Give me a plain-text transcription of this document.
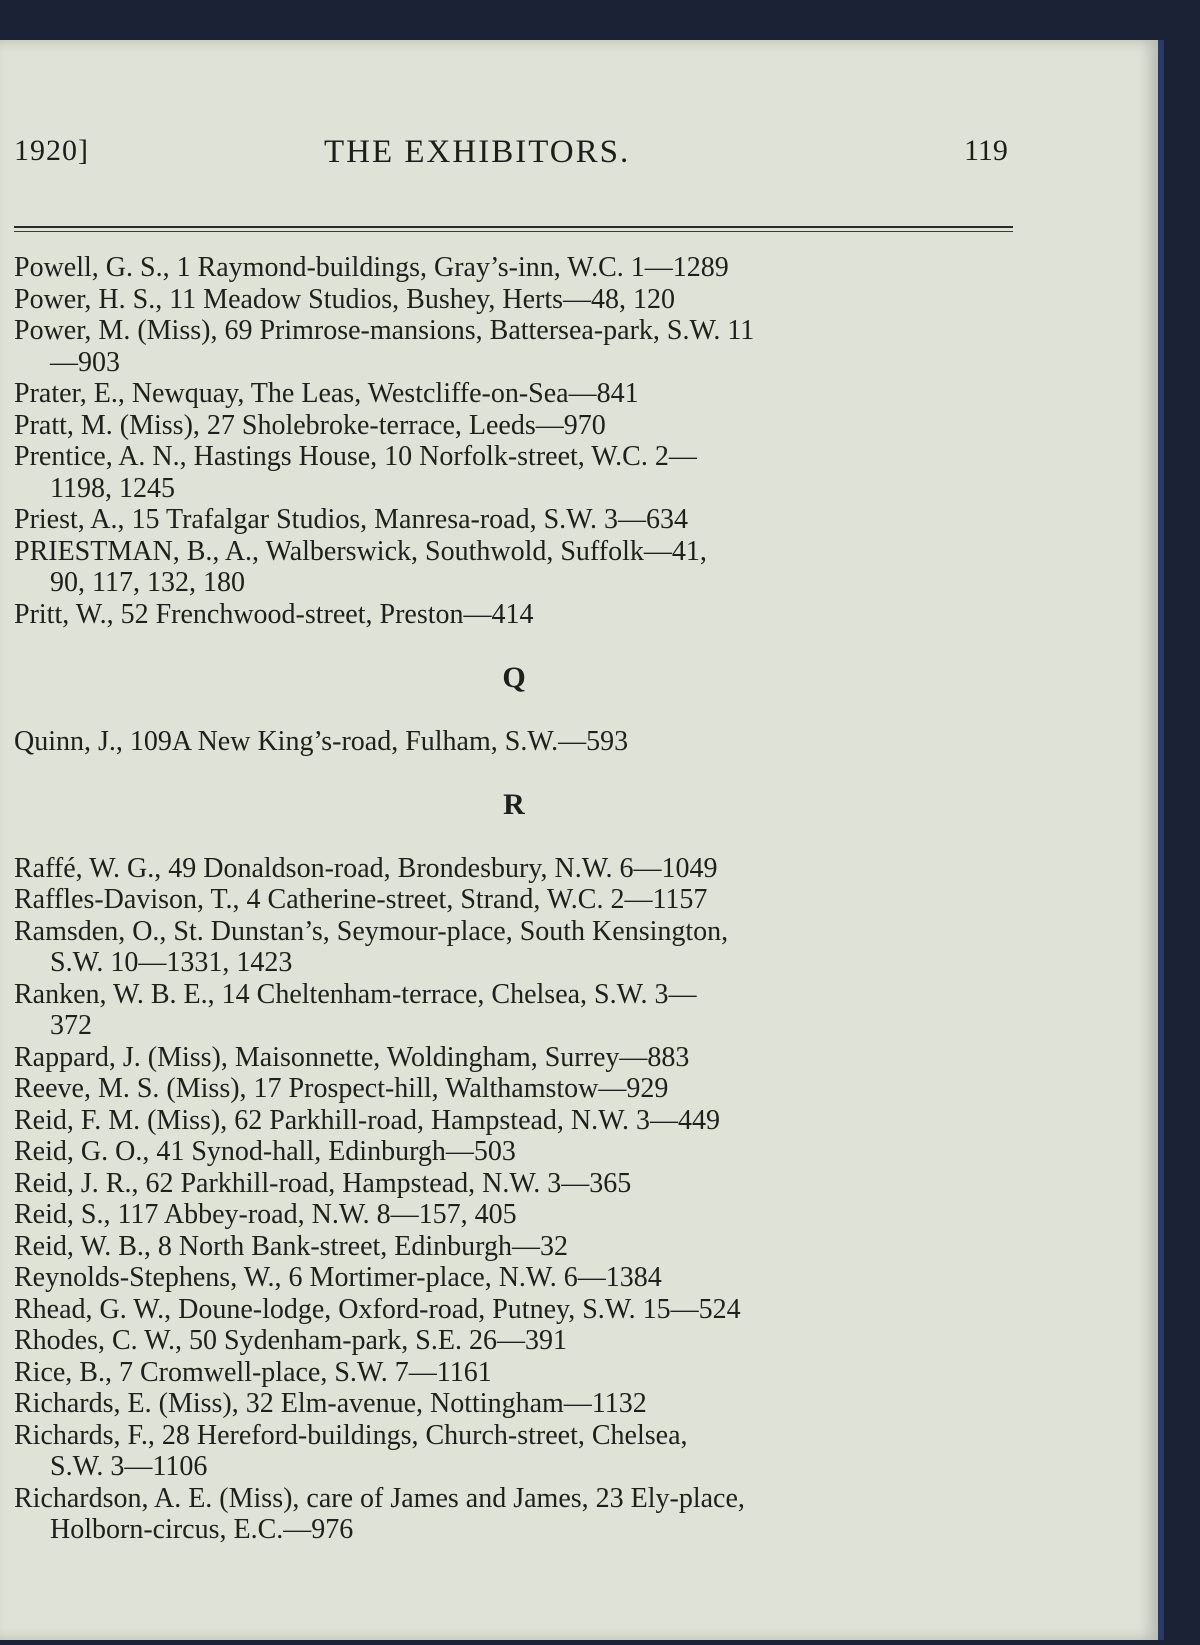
1920]	THE EXHIBITORS.	119
Powell, G. S., 1 Raymond-buildings, Gray’s-inn, W.C. 1—1289
Power, H. S., 11 Meadow Studios, Bushey, Herts—48, 120
Power, M. (Miss), 69 Primrose-mansions, Battersea-park, S.W. 11
—903
Prater, E., Newquay, The Leas, Westcliffe-on-Sea—841
Pratt, M. (Miss), 27 Sholebroke-terrace, Leeds—970
Prentice, A. N., Hastings House, 10 Norfolk-street, W.C. 2—
1198, 1245
Priest, A., 15 Trafalgar Studios, Manresa-road, S.W. 3—634
PRIESTMAN, B., A., Walberswick, Southwold, Suffolk—41,
90, 117, 132, 180
Pritt, W., 52 Frenchwood-street, Preston—414
Q
Quinn, J., 109A New King’s-road, Fulham, S.W.—593
R
Raffé, W. G., 49 Donaldson-road, Brondesbury, N.W. 6—1049
Raffles-Davison, T., 4 Catherine-street, Strand, W.C. 2—1157
Ramsden, O., St. Dunstan’s, Seymour-place, South Kensington,
S.W. 10—1331, 1423
Ranken, W. B. E., 14 Cheltenham-terrace, Chelsea, S.W. 3—
372
Rappard, J. (Miss), Maisonnette, Woldingham, Surrey—883
Reeve, M. S. (Miss), 17 Prospect-hill, Walthamstow—929
Reid, F. M. (Miss), 62 Parkhill-road, Hampstead, N.W. 3—449
Reid, G. O., 41 Synod-hall, Edinburgh—503
Reid, J. R., 62 Parkhill-road, Hampstead, N.W. 3—365
Reid, S., 117 Abbey-road, N.W. 8—157, 405
Reid, W. B., 8 North Bank-street, Edinburgh—32
Reynolds-Stephens, W., 6 Mortimer-place, N.W. 6—1384
Rhead, G. W., Doune-lodge, Oxford-road, Putney, S.W. 15—524
Rhodes, C. W., 50 Sydenham-park, S.E. 26—391
Rice, B., 7 Cromwell-place, S.W. 7—1161
Richards, E. (Miss), 32 Elm-avenue, Nottingham—1132
Richards, F., 28 Hereford-buildings, Church-street, Chelsea,
S.W. 3—1106
Richardson, A. E. (Miss), care of James and James, 23 Ely-place,
Holborn-circus, E.C.—976
